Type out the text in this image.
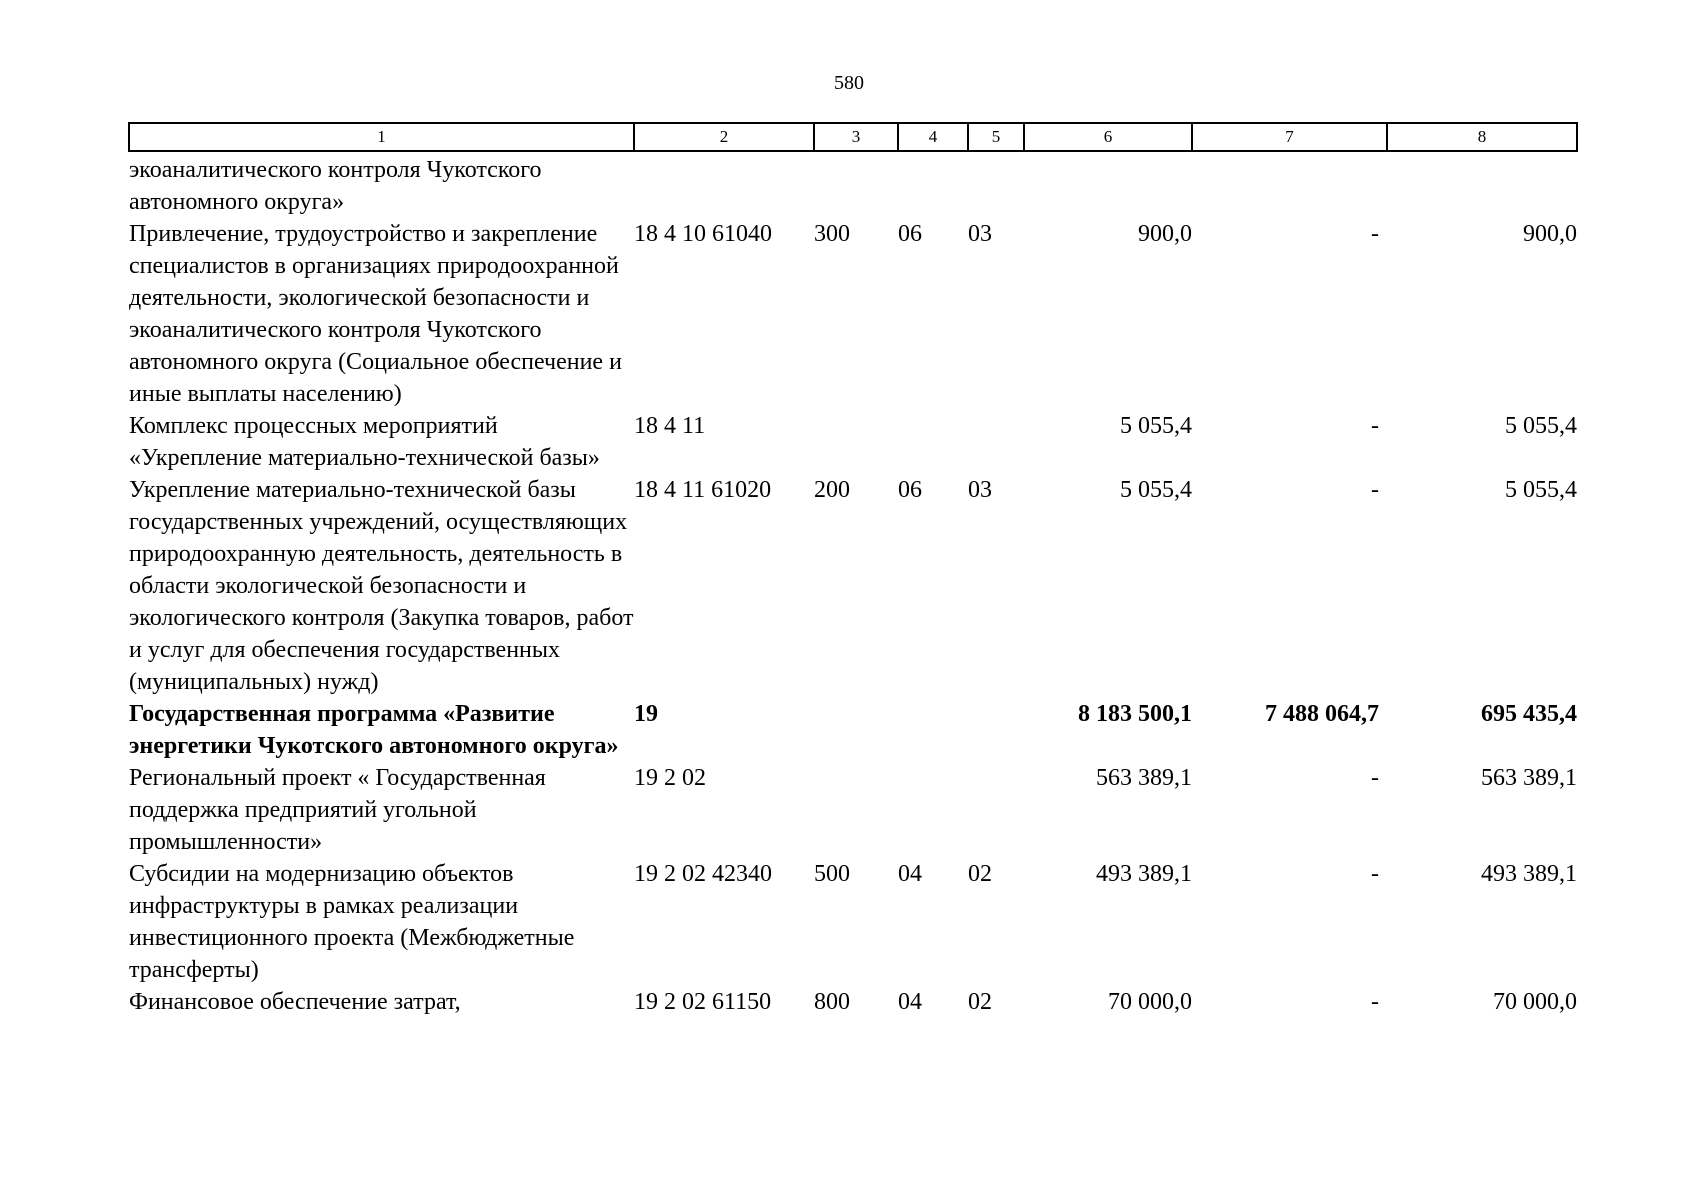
580
1	2	3	4	5	6	7	8
экоаналитического контроля Чукотского автономного округа»							
Привлечение, трудоустройство и закрепление специалистов в организациях природоохранной деятельности, экологической безопасности и экоаналитического контроля Чукотского автономного округа (Социальное обеспечение и иные выплаты населению)	18 4 10 61040	300	06	03	900,0	-	900,0
Комплекс процессных мероприятий «Укрепление материально-технической базы»	18 4 11				5 055,4	-	5 055,4
Укрепление материально-технической базы государственных учреждений, осуществляющих природоохранную деятельность, деятельность в области экологической безопасности и экологического контроля (Закупка товаров, работ и услуг для обеспечения государственных (муниципальных) нужд)	18 4 11 61020	200	06	03	5 055,4	-	5 055,4
Государственная программа «Развитие энергетики Чукотского автономного округа»	19				8 183 500,1	7 488 064,7	695 435,4
Региональный проект « Государственная поддержка предприятий угольной промышленности»	19 2 02				563 389,1	-	563 389,1
Субсидии на модернизацию объектов инфраструктуры в рамках реализации инвестиционного проекта (Межбюджетные трансферты)	19 2 02 42340	500	04	02	493 389,1	-	493 389,1
Финансовое обеспечение затрат,	19 2 02 61150	800	04	02	70 000,0	-	70 000,0
